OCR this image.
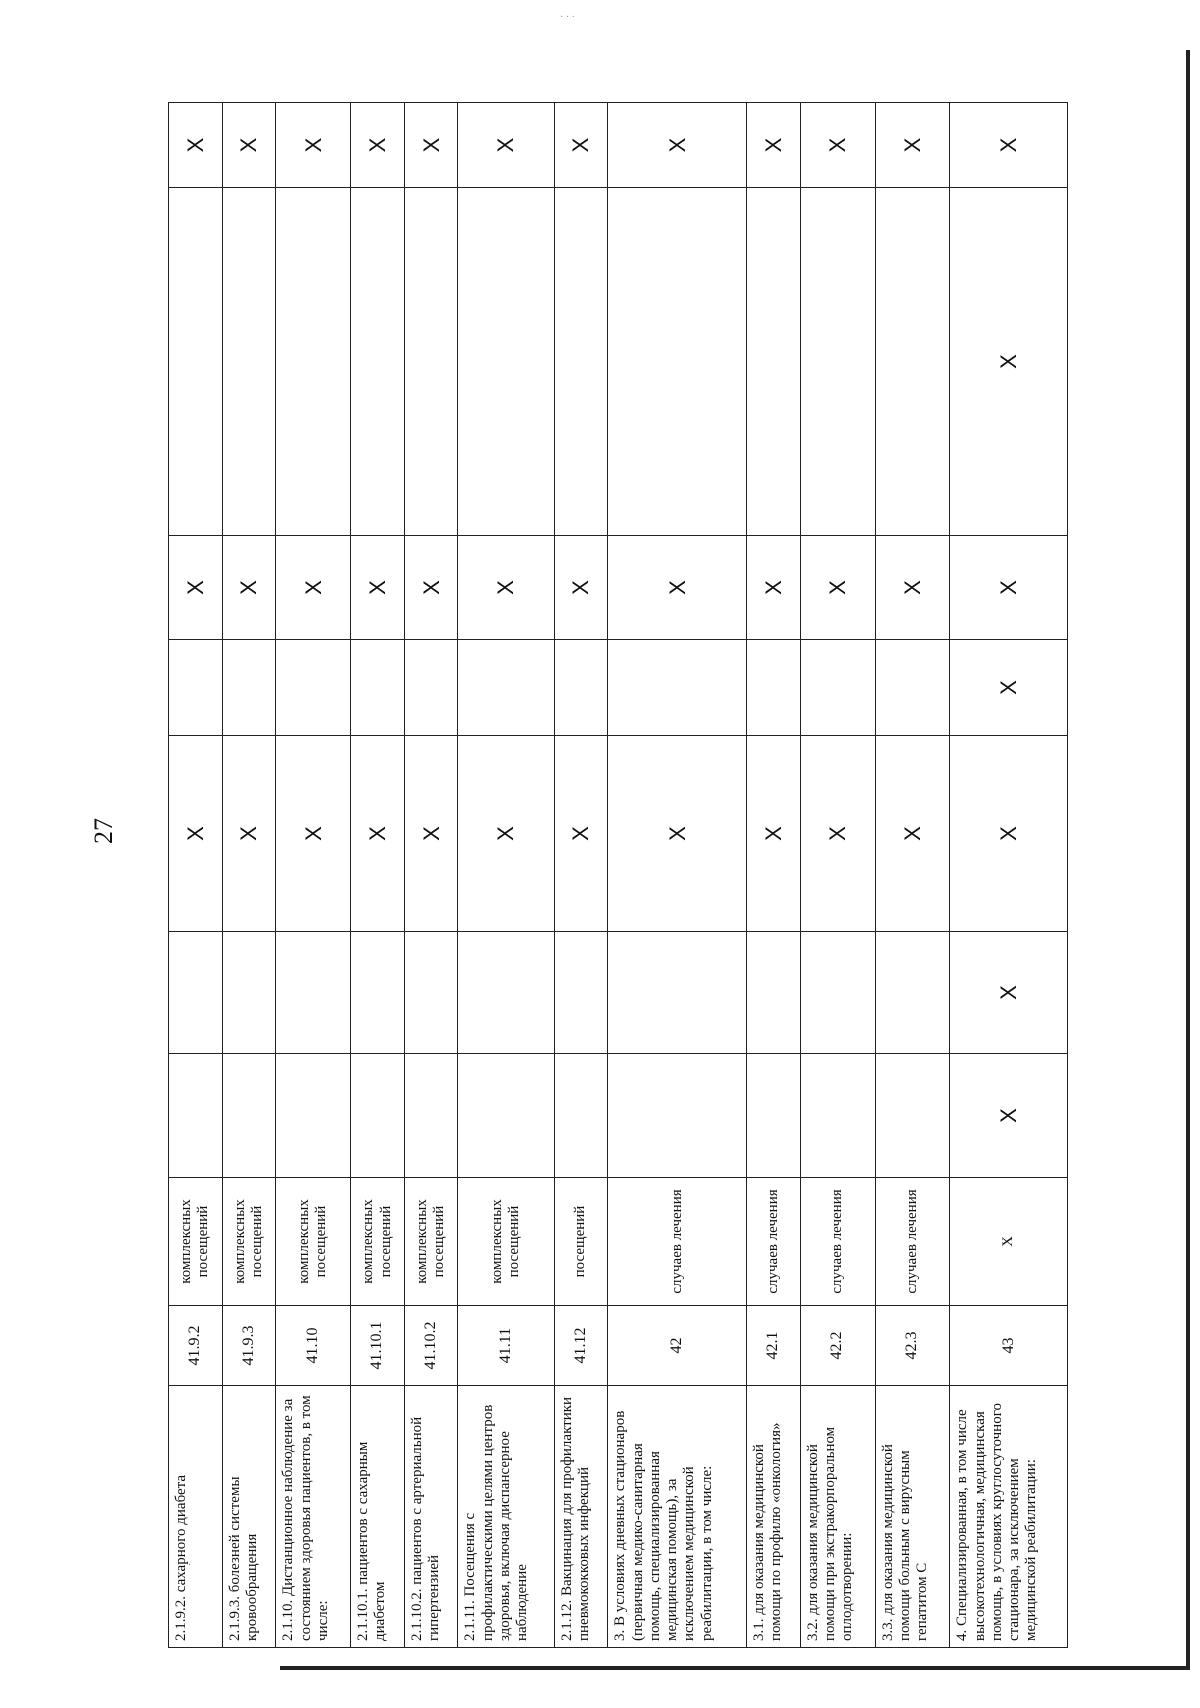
· · ·
·
27
2.1.9.2. сахарного диабета	41.9.2	комплексных посещений			X		X		X
2.1.9.3. болезней системы кровообращения	41.9.3	комплексных посещений			X		X		X
2.1.10. Дистанционное наблюдение за состоянием здоровья пациентов, в том числе:	41.10	комплексных посещений			X		X		X
2.1.10.1. пациентов с сахарным диабетом	41.10.1	комплексных посещений			X		X		X
2.1.10.2. пациентов с артериальной гипертензией	41.10.2	комплексных посещений			X		X		X
2.1.11. Посещения с профилактическими целями центров здоровья, включая диспансерное наблюдение	41.11	комплексных посещений			X		X		X
2.1.12. Вакцинация для профилактики пневмококковых инфекций	41.12	посещений			X		X		X
3. В условиях дневных стационаров (первичная медико-санитарная помощь, специализированная медицинская помощь), за исключением медицинской реабилитации, в том числе:	42	случаев лечения			X		X		X
3.1. для оказания медицинской помощи по профилю «онкология»	42.1	случаев лечения			X		X		X
3.2. для оказания медицинской помощи при экстракорпоральном оплодотворении:	42.2	случаев лечения			X		X		X
3.3. для оказания медицинской помощи больным с вирусным гепатитом С	42.3	случаев лечения			X		X		X
4. Специализированная, в том числе высокотехнологичная, медицинская помощь, в условиях круглосуточного стационара, за исключением медицинской реабилитации:	43	X	X	X	X	X	X	X	X
